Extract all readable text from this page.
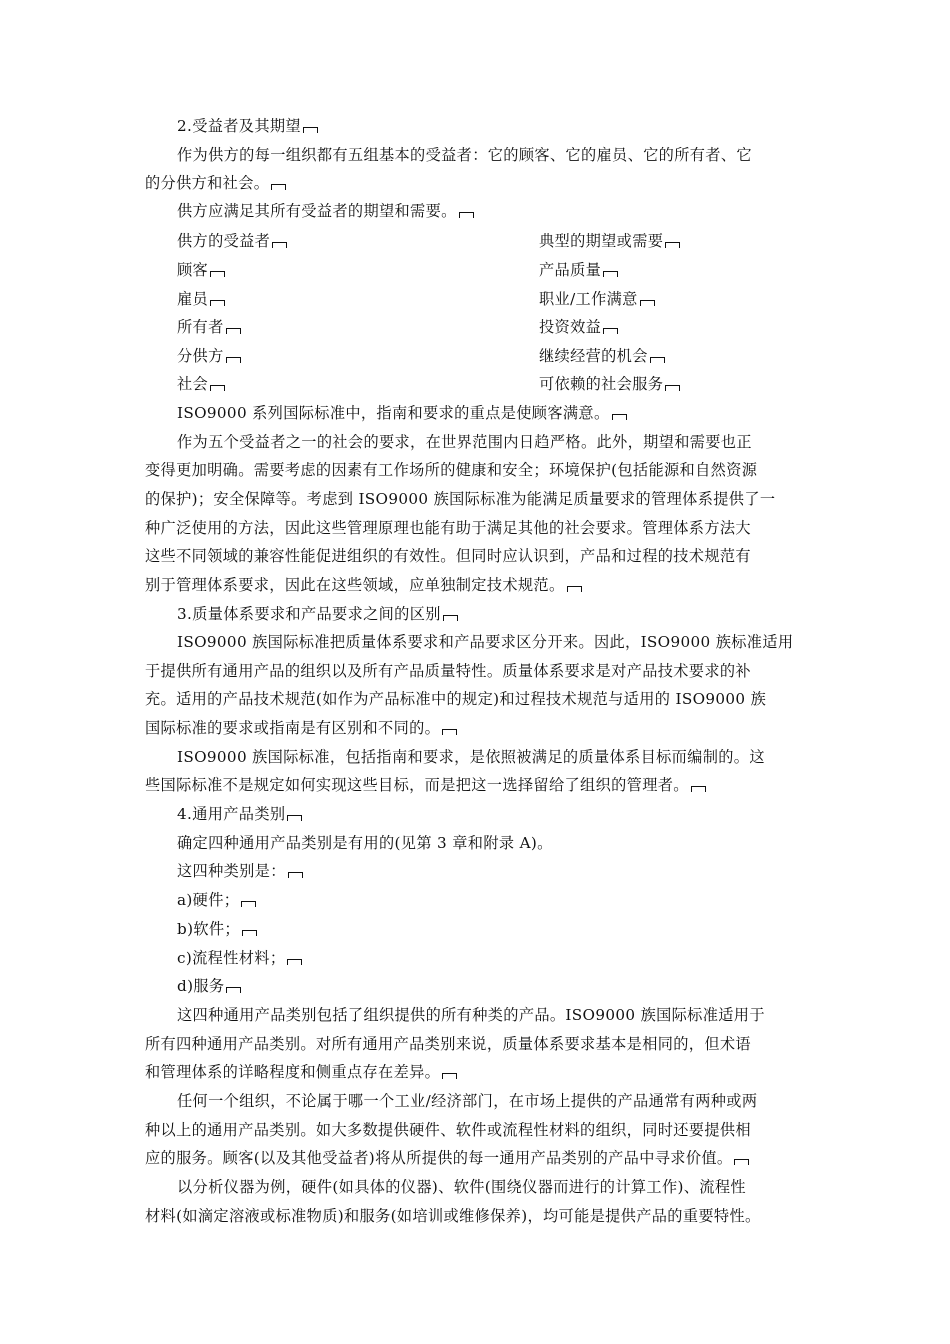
2.受益者及其期望
作为供方的每一组织都有五组基本的受益者：它的顾客、它的雇员、它的所有者、它
的分供方和社会。
供方应满足其所有受益者的期望和需要。
供方的受益者	典型的期望或需要
顾客	产品质量
雇员	职业/工作满意
所有者	投资效益
分供方	继续经营的机会
社会	可依赖的社会服务
ISO9000 系列国际标准中，指南和要求的重点是使顾客满意。
作为五个受益者之一的社会的要求，在世界范围内日趋严格。此外，期望和需要也正
变得更加明确。需要考虑的因素有工作场所的健康和安全；环境保护(包括能源和自然资源
的保护)；安全保障等。考虑到 ISO9000 族国际标准为能满足质量要求的管理体系提供了一
种广泛使用的方法，因此这些管理原理也能有助于满足其他的社会要求。管理体系方法大
这些不同领域的兼容性能促进组织的有效性。但同时应认识到，产品和过程的技术规范有
别于管理体系要求，因此在这些领域，应单独制定技术规范。
3.质量体系要求和产品要求之间的区别
ISO9000 族国际标准把质量体系要求和产品要求区分开来。因此，ISO9000 族标准适用
于提供所有通用产品的组织以及所有产品质量特性。质量体系要求是对产品技术要求的补
充。适用的产品技术规范(如作为产品标准中的规定)和过程技术规范与适用的 ISO9000 族
国际标准的要求或指南是有区别和不同的。
ISO9000 族国际标准，包括指南和要求，是依照被满足的质量体系目标而编制的。这
些国际标准不是规定如何实现这些目标，而是把这一选择留给了组织的管理者。
4.通用产品类别
确定四种通用产品类别是有用的(见第 3 章和附录 A)。
这四种类别是：
a)硬件；
b)软件；
c)流程性材料；
d)服务
这四种通用产品类别包括了组织提供的所有种类的产品。ISO9000 族国际标准适用于
所有四种通用产品类别。对所有通用产品类别来说，质量体系要求基本是相同的，但术语
和管理体系的详略程度和侧重点存在差异。
任何一个组织，不论属于哪一个工业/经济部门，在市场上提供的产品通常有两种或两
种以上的通用产品类别。如大多数提供硬件、软件或流程性材料的组织，同时还要提供相
应的服务。顾客(以及其他受益者)将从所提供的每一通用产品类别的产品中寻求价值。
以分析仪器为例，硬件(如具体的仪器)、软件(围绕仪器而进行的计算工作)、流程性
材料(如滴定溶液或标准物质)和服务(如培训或维修保养)，均可能是提供产品的重要特性。
